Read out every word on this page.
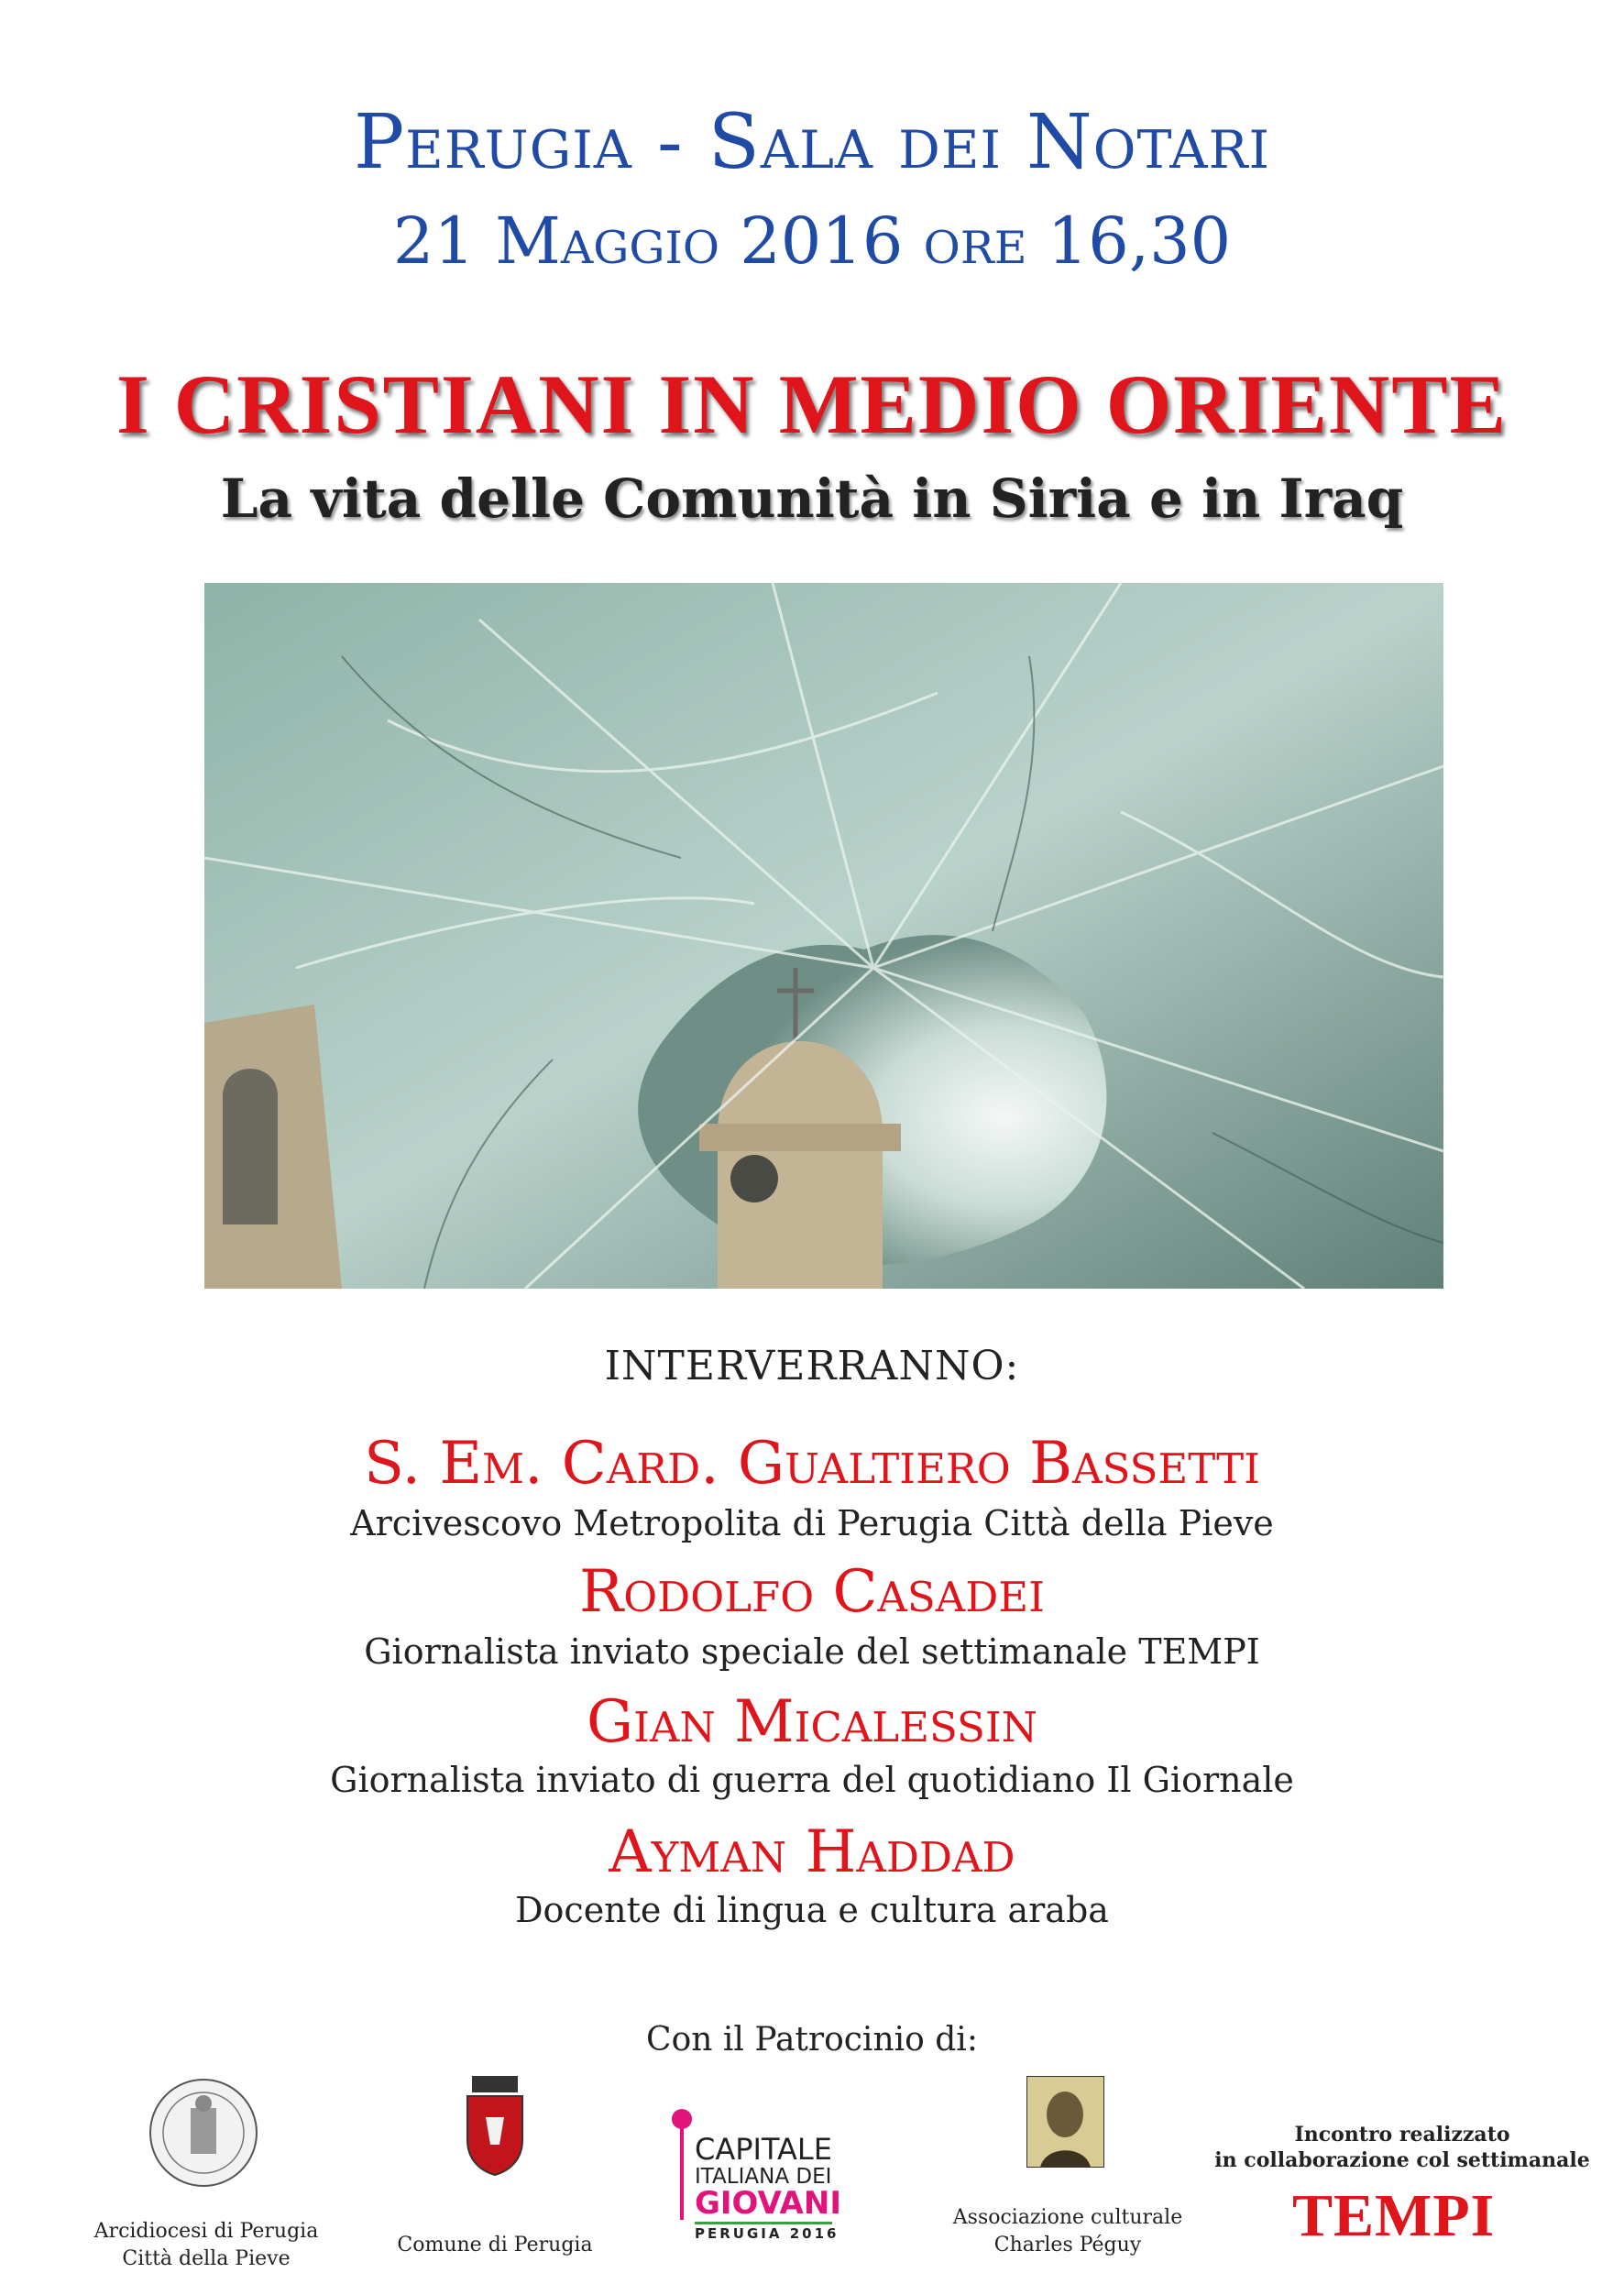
Perugia - Sala dei Notari
21 Maggio 2016 ore 16,30
I CRISTIANI IN MEDIO ORIENTE
La vita delle Comunità in Siria e in Iraq
INTERVERRANNO:
S. Em. Card. Gualtiero Bassetti
Arcivescovo Metropolita di Perugia Città della Pieve
Rodolfo Casadei
Giornalista inviato speciale del settimanale TEMPI
Gian Micalessin
Giornalista inviato di guerra del quotidiano Il Giornale
Ayman Haddad
Docente di lingua e cultura araba
Con il Patrocinio di:
Arcidiocesi di Perugia
Città della Pieve
Comune di Perugia
CAPITALE
ITALIANA DEI
GIOVANI
PERUGIA 2016
Associazione culturale
Charles Péguy
Incontro realizzato
in collaborazione col settimanale
TEMPI
